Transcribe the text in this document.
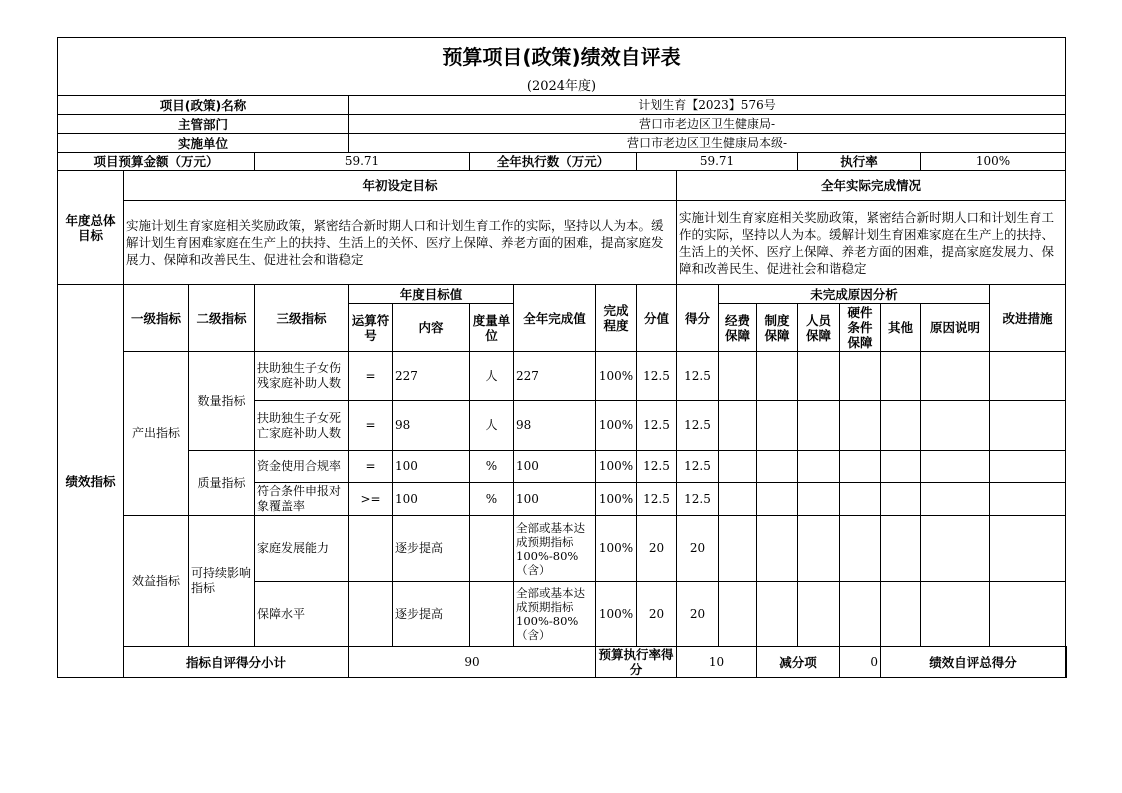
预算项目(政策)绩效自评表																		
(2024年度)																		
项目(政策)名称				计划生育【2023】576号														
主管部门				营口市老边区卫生健康局-														
实施单位				营口市老边区卫生健康局本级-														
项目预算金额（万元）			59.71			全年执行数（万元）			59.71				执行率			100%		
年度总体目标	年初设定目标									全年实际完成情况								
	实施计划生育家庭相关奖励政策，紧密结合新时期人口和计划生育工作的实际，坚持以人为本。缓解计划生育困难家庭在生产上的扶持、生活上的关怀、医疗上保障、养老方面的困难，提高家庭发展力、保障和改善民生、促进社会和谐稳定									实施计划生育家庭相关奖励政策，紧密结合新时期人口和计划生育工作的实际，坚持以人为本。缓解计划生育困难家庭在生产上的扶持、生活上的关怀、医疗上保障、养老方面的困难，提高家庭发展力、保障和改善民生、促进社会和谐稳定								
绩效指标	一级指标	二级指标	三级指标	年度目标值			全年完成值	完成程度	分值	得分	未完成原因分析						改进措施	
				运算符号	内容	度量单位					经费保障	制度保障	人员保障	硬件条件保障	其他	原因说明		
	产出指标	数量指标	扶助独生子女伤残家庭补助人数	=	227	人	227	100%	12.5	12.5								
			扶助独生子女死亡家庭补助人数	=	98	人	98	100%	12.5	12.5								
		质量指标	资金使用合规率	=	100	%	100	100%	12.5	12.5								
			符合条件申报对象覆盖率	>=	100	%	100	100%	12.5	12.5								
	效益指标	可持续影响指标	家庭发展能力		逐步提高		全部或基本达成预期指标100%-80%（含）	100%	20	20								
			保障水平		逐步提高		全部或基本达成预期指标100%-80%（含）	100%	20	20								
	指标自评得分小计			90				预算执行率得分		10		减分项		0	绩效自评总得分	
